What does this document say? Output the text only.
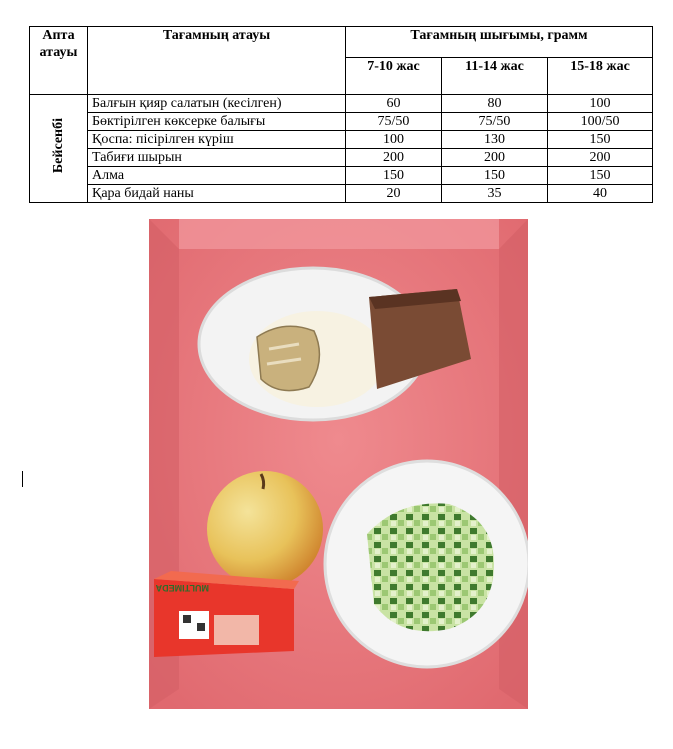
Апта атауы	Тағамның атауы	Тағамның шығымы, грамм		
		7-10 жас	11-14 жас	15-18 жас
Бейсенбі	Балғын қияр салатын (кесілген)	60	80	100
	Бөктірілген көксерке балығы	75/50	75/50	100/50
	Қоспа: пісірілген күріш	100	130	150
	Табиғи шырын	200	200	200
	Алма	150	150	150
	Қара бидай наны	20	35	40
MULTIMEDA
